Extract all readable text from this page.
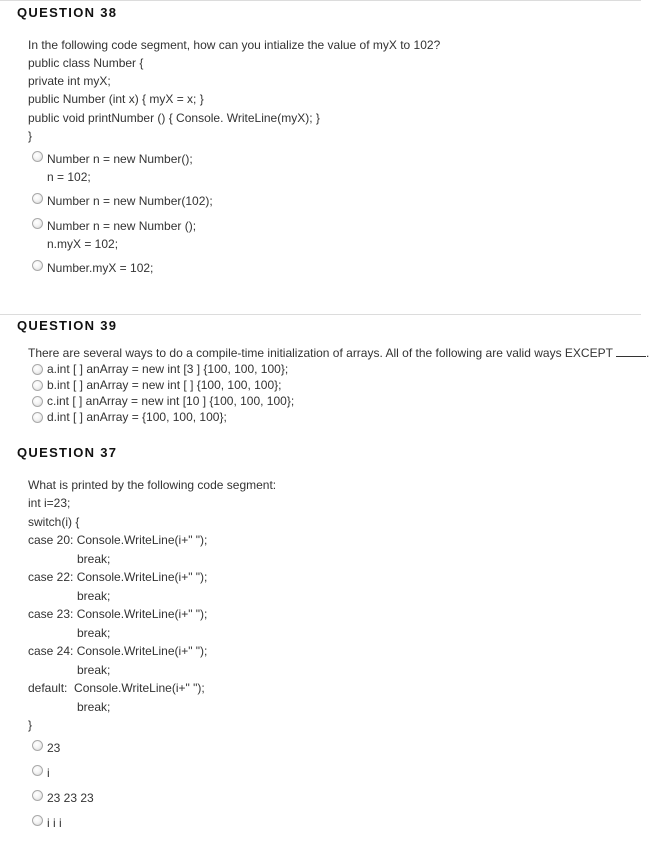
QUESTION 38
In the following code segment, how can you intialize the value of myX to 102?
public class Number {
private int myX;
public Number (int x) { myX = x; }
public void printNumber () { Console. WriteLine(myX); }
}
Number n = new Number();
n = 102;
Number n = new Number(102);
Number n = new Number ();
n.myX = 102;
Number.myX = 102;
QUESTION 39
There are several ways to do a compile-time initialization of arrays. All of the following are valid ways EXCEPT	.
a.int [ ] anArray = new int [3 ] {100, 100, 100};
b.int [ ] anArray = new int [ ] {100, 100, 100};
c.int [ ] anArray = new int [10 ] {100, 100, 100};
d.int [ ] anArray = {100, 100, 100};
QUESTION 37
What is printed by the following code segment:
int i=23;
switch(i) {
case 20: Console.WriteLine(i+" ");
break;
case 22: Console.WriteLine(i+" ");
break;
case 23: Console.WriteLine(i+" ");
break;
case 24: Console.WriteLine(i+" ");
break;
default:  Console.WriteLine(i+" ");
break;
}
23
i
23 23 23
i i i
